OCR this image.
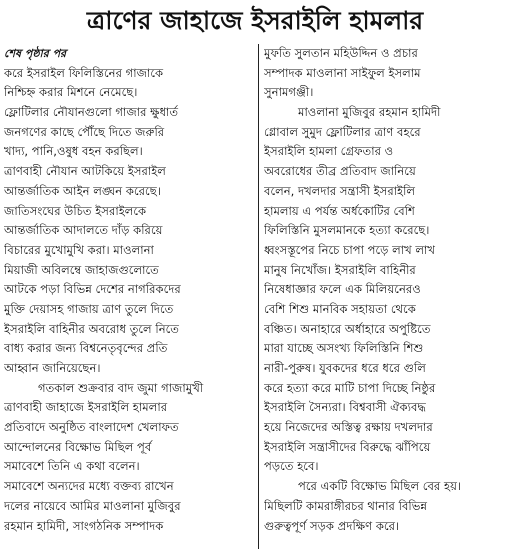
ত্রাণের জাহাজে ইসরাইলি হামলার
শেষ পৃষ্ঠার পর
করে ইসরাইল ফিলিস্তিনের গাজাকে
নিশ্চিহ্ন করার মিশনে নেমেছে।
ফ্লোটিলার নৌযানগুলো গাজার ক্ষুধার্ত
জনগণের কাছে পৌঁছে দিতে জরুরি
খাদ্য, পানি,ওষুধ বহন করছিল।
ত্রাণবাহী নৌযান আটকিয়ে ইসরাইল
আন্তর্জাতিক আইন লঙ্ঘন করেছে।
জাতিসংঘের উচিত ইসরাইলকে
আন্তর্জাতিক আদালতে দাঁড় করিয়ে
বিচারের মুখোমুখি করা। মাওলানা
মিয়াজী অবিলম্বে জাহাজগুলোতে
আটকে পড়া বিভিন্ন দেশের নাগরিকদের
মুক্তি দেয়াসহ গাজায় ত্রাণ তুলে দিতে
ইসরাইলি বাহিনীর অবরোধ তুলে নিতে
বাধ্য করার জন্য বিশ্বনেতৃবৃন্দের প্রতি
আহ্বান জানিয়েছেন।
গতকাল শুক্রবার বাদ জুমা গাজামুখী
ত্রাণবাহী জাহাজে ইসরাইলি হামলার
প্রতিবাদে অনুষ্ঠিত বাংলাদেশ খেলাফত
আন্দোলনের বিক্ষোভ মিছিল পূর্ব
সমাবেশে তিনি এ কথা বলেন।
সমাবেশে অন্যদের মধ্যে বক্তব্য রাখেন
দলের নায়েবে আমির মাওলানা মুজিবুর
রহমান হামিদী, সাংগঠনিক সম্পাদক
মুফতি সুলতান মহিউদ্দিন ও প্রচার
সম্পাদক মাওলানা সাইফুল ইসলাম
সুনামগঞ্জী।
মাওলানা মুজিবুর রহমান হামিদী
গ্লোবাল সুমুদ ফ্লোটিলার ত্রাণ বহরে
ইসরাইলি হামলা গ্রেফতার ও
অবরোধের তীব্র প্রতিবাদ জানিয়ে
বলেন, দখলদার সন্ত্রাসী ইসরাইলি
হামলায় এ পর্যন্ত অর্ধকোটির বেশি
ফিলিস্তিনি মুসলমানকে হত্যা করেছে।
ধ্বংসস্তূপের নিচে চাপা পড়ে লাখ লাখ
মানুষ নিখোঁজ। ইসরাইলি বাহিনীর
নিষেধাজ্ঞার ফলে এক মিলিয়নেরও
বেশি শিশু মানবিক সহায়তা থেকে
বঞ্চিত। অনাহারে অর্ধাহারে অপুষ্টিতে
মারা যাচ্ছে অসংখ্য ফিলিস্তিনি শিশু
নারী-পুরুষ। যুবকদের ধরে ধরে গুলি
করে হত্যা করে মাটি চাপা দিচ্ছে নিষ্ঠুর
ইসরাইলি সৈন্যরা। বিশ্ববাসী ঐক্যবদ্ধ
হয়ে নিজেদের অস্তিত্ব রক্ষায় দখলদার
ইসরাইলি সন্ত্রাসীদের বিরুদ্ধে ঝাঁপিয়ে
পড়তে হবে।
পরে একটি বিক্ষোভ মিছিল বের হয়।
মিছিলটি কামরাঙ্গীরচর থানার বিভিন্ন
গুরুত্বপূর্ণ সড়ক প্রদক্ষিণ করে।
